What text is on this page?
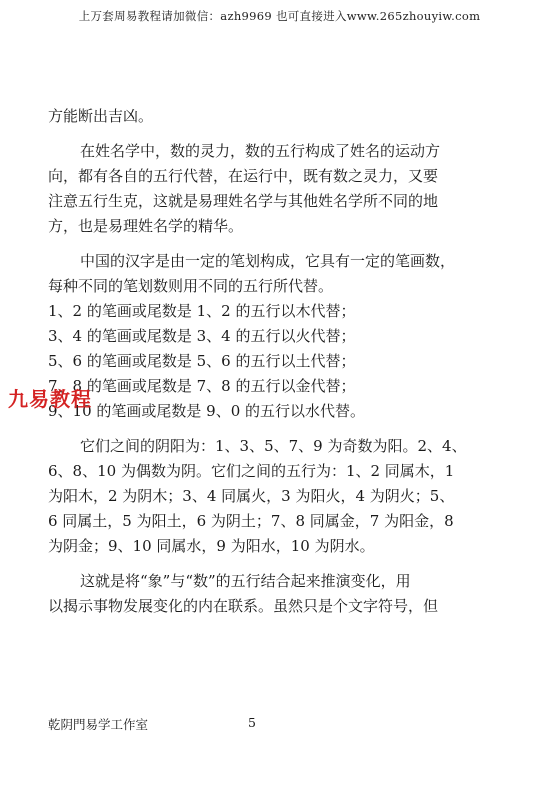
上万套周易教程请加微信：azh9969 也可直接进入www.265zhouyiw.com
方能断出吉凶。
在姓名学中，数的灵力，数的五行构成了姓名的运动方
向，都有各自的五行代替，在运行中，既有数之灵力，又要
注意五行生克，这就是易理姓名学与其他姓名学所不同的地
方，也是易理姓名学的精华。
中国的汉字是由一定的笔划构成，它具有一定的笔画数，
每种不同的笔划数则用不同的五行所代替。
1、2 的笔画或尾数是 1、2 的五行以木代替；
3、4 的笔画或尾数是 3、4 的五行以火代替；
5、6 的笔画或尾数是 5、6 的五行以土代替；
7、8 的笔画或尾数是 7、8 的五行以金代替；
9、10 的笔画或尾数是 9、0 的五行以水代替。
它们之间的阴阳为：1、3、5、7、9 为奇数为阳。2、4、
6、8、10 为偶数为阴。它们之间的五行为：1、2 同属木，1
为阳木，2 为阴木；3、4 同属火，3 为阳火，4 为阴火；5、
6 同属土，5 为阳土，6 为阴土；7、8 同属金，7 为阳金，8
为阴金；9、10 同属水，9 为阳水，10 为阴水。
这就是将“象”与“数”的五行结合起来推演变化，用
以揭示事物发展变化的内在联系。虽然只是个文字符号，但
九易教程
乾阴門易学工作室	5
